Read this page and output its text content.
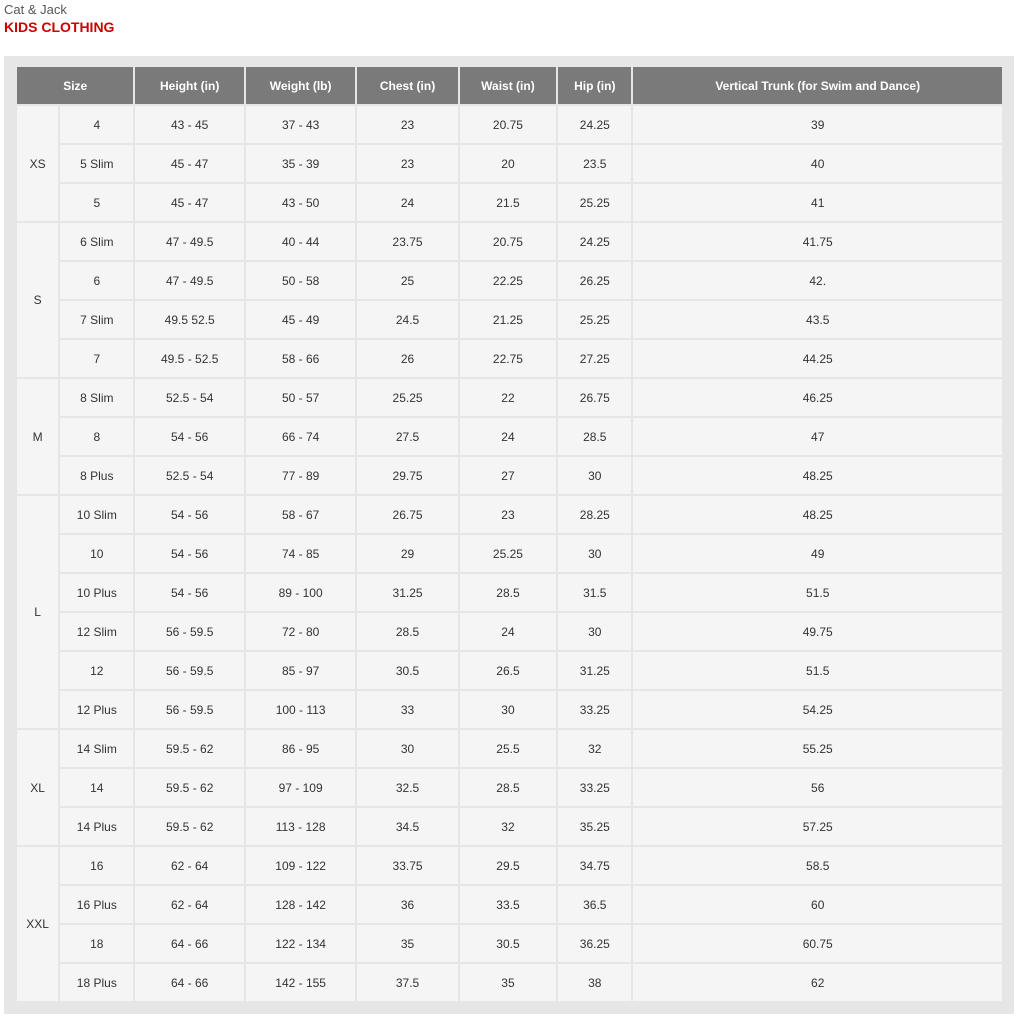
Cat & Jack
KIDS CLOTHING
Size		Height (in)	Weight (lb)	Chest (in)	Waist (in)	Hip (in)	Vertical Trunk (for Swim and Dance)
XS	4	43 - 45	37 - 43	23	20.75	24.25	39
	5 Slim	45 - 47	35 - 39	23	20	23.5	40
	5	45 - 47	43 - 50	24	21.5	25.25	41
S	6 Slim	47 - 49.5	40 - 44	23.75	20.75	24.25	41.75
	6	47 - 49.5	50 - 58	25	22.25	26.25	42.
	7 Slim	49.5 52.5	45 - 49	24.5	21.25	25.25	43.5
	7	49.5 - 52.5	58 - 66	26	22.75	27.25	44.25
M	8 Slim	52.5 - 54	50 - 57	25.25	22	26.75	46.25
	8	54 - 56	66 - 74	27.5	24	28.5	47
	8 Plus	52.5 - 54	77 - 89	29.75	27	30	48.25
L	10 Slim	54 - 56	58 - 67	26.75	23	28.25	48.25
	10	54 - 56	74 - 85	29	25.25	30	49
	10 Plus	54 - 56	89 - 100	31.25	28.5	31.5	51.5
	12 Slim	56 - 59.5	72 - 80	28.5	24	30	49.75
	12	56 - 59.5	85 - 97	30.5	26.5	31.25	51.5
	12 Plus	56 - 59.5	100 - 113	33	30	33.25	54.25
XL	14 Slim	59.5 - 62	86 - 95	30	25.5	32	55.25
	14	59.5 - 62	97 - 109	32.5	28.5	33.25	56
	14 Plus	59.5 - 62	113 - 128	34.5	32	35.25	57.25
XXL	16	62 - 64	109 - 122	33.75	29.5	34.75	58.5
	16 Plus	62 - 64	128 - 142	36	33.5	36.5	60
	18	64 - 66	122 - 134	35	30.5	36.25	60.75
	18 Plus	64 - 66	142 - 155	37.5	35	38	62
